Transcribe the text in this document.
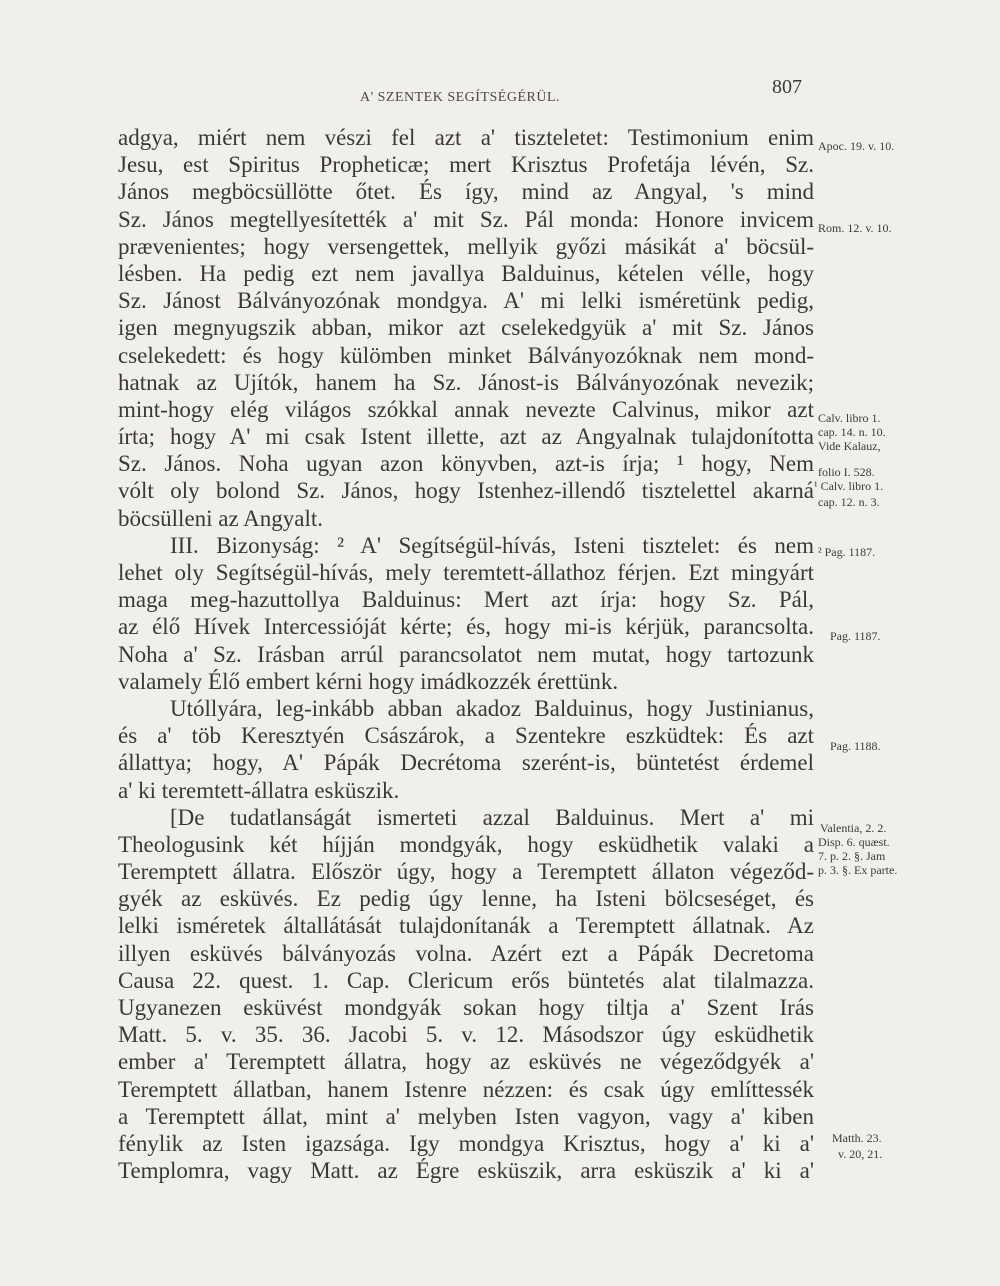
A' SZENTEK SEGÍTSÉGÉRÜL.	807
adgya, miért nem vészi fel azt a' tiszteletet: Testimonium enim
Jesu, est Spiritus Propheticæ; mert Krisztus Profetája lévén, Sz.
János megböcsüllötte őtet. És így, mind az Angyal, 's mind
Sz. János megtellyesítették a' mit Sz. Pál monda: Honore invicem
prævenientes; hogy versengettek, mellyik győzi másikát a' böcsül-
lésben. Ha pedig ezt nem javallya Balduinus, kételen vélle, hogy
Sz. Jánost Bálványozónak mondgya. A' mi lelki isméretünk pedig,
igen megnyugszik abban, mikor azt cselekedgyük a' mit Sz. János
cselekedett: és hogy külömben minket Bálványozóknak nem mond-
hatnak az Ujítók, hanem ha Sz. Jánost-is Bálványozónak nevezik;
mint-hogy elég világos szókkal annak nevezte Calvinus, mikor azt
írta; hogy A' mi csak Istent illette, azt az Angyalnak tulajdonította
Sz. János. Noha ugyan azon könyvben, azt-is írja; ¹ hogy, Nem
vólt oly bolond Sz. János, hogy Istenhez-illendő tisztelettel akarná
böcsülleni az Angyalt.
III. Bizonyság: ² A' Segítségül-hívás, Isteni tisztelet: és nem
lehet oly Segítségül-hívás, mely teremtett-állathoz férjen. Ezt mingyárt
maga meg-hazuttollya Balduinus: Mert azt írja: hogy Sz. Pál,
az élő Hívek Intercessióját kérte; és, hogy mi-is kérjük, parancsolta.
Noha a' Sz. Irásban arrúl parancsolatot nem mutat, hogy tartozunk
valamely Élő embert kérni hogy imádkozzék érettünk.
Utóllyára, leg-inkább abban akadoz Balduinus, hogy Justinianus,
és a' töb Keresztyén Császárok, a Szentekre eszküdtek: És azt
állattya; hogy, A' Pápák Decrétoma szerént-is, büntetést érdemel
a' ki teremtett-állatra esküszik.
[De tudatlanságát ismerteti azzal Balduinus. Mert a' mi
Theologusink két híjján mondgyák, hogy esküdhetik valaki a
Teremptett állatra. Először úgy, hogy a Teremptett állaton végeződ-
gyék az esküvés. Ez pedig úgy lenne, ha Isteni bölcseséget, és
lelki isméretek általlátását tulajdonítanák a Teremptett állatnak. Az
illyen esküvés bálványozás volna. Azért ezt a Pápák Decretoma
Causa 22. quest. 1. Cap. Clericum erős büntetés alat tilalmazza.
Ugyanezen esküvést mondgyák sokan hogy tiltja a' Szent Irás
Matt. 5. v. 35. 36. Jacobi 5. v. 12. Másodszor úgy esküdhetik
ember a' Teremptett állatra, hogy az esküvés ne végeződgyék a'
Teremptett állatban, hanem Istenre nézzen: és csak úgy említtessék
a Teremptett állat, mint a' melyben Isten vagyon, vagy a' kiben
fénylik az Isten igazsága. Igy mondgya Krisztus, hogy a' ki a'
Templomra, vagy Matt. az Égre esküszik, arra esküszik a' ki a'
Apoc. 19. v. 10.
Rom. 12. v. 10.
Calv. libro 1.
cap. 14. n. 10.
Vide Kalauz,
folio I. 528.
¹ Calv. libro 1.
cap. 12. n. 3.
² Pag. 1187.
Pag. 1187.
Pag. 1188.
Valentia, 2. 2.
Disp. 6. quæst.
7. p. 2. §. Jam
p. 3. §. Ex parte.
Matth. 23.
v. 20, 21.
